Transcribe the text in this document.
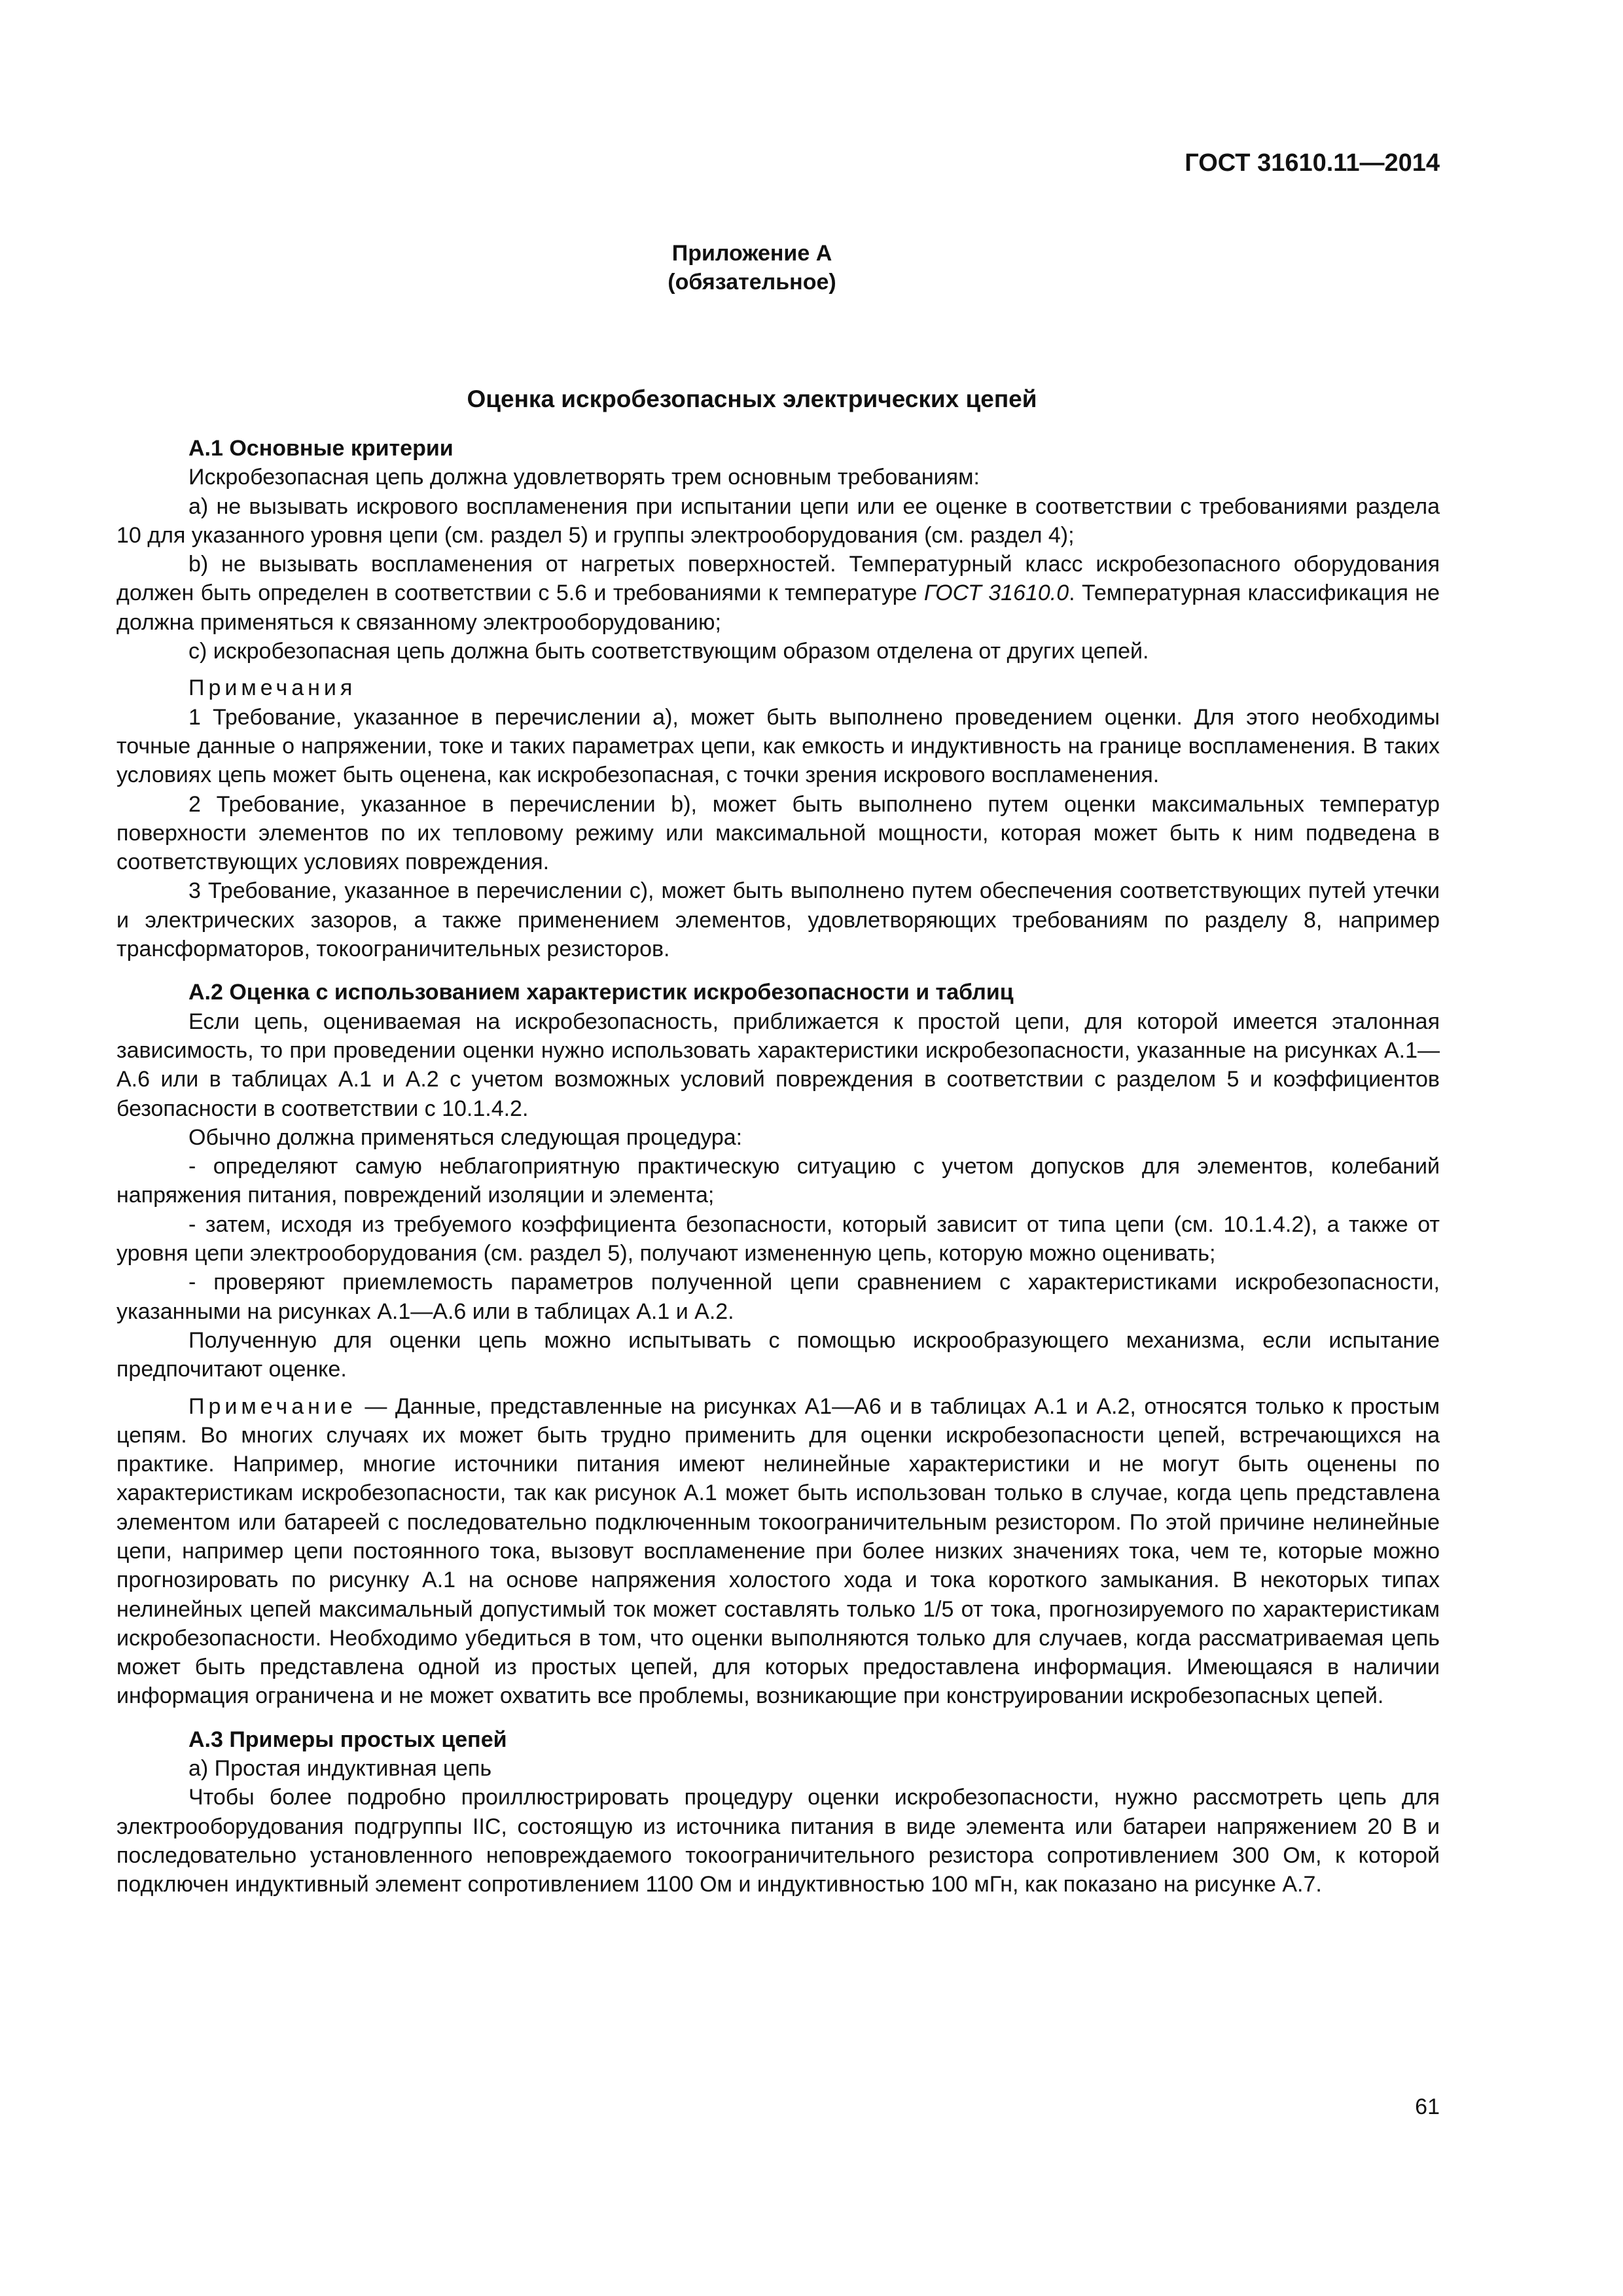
ГОСТ 31610.11—2014
Приложение А
(обязательное)
Оценка искробезопасных электрических цепей
А.1 Основные критерии

Искробезопасная цепь должна удовлетворять трем основным требованиям:

а) не вызывать искрового воспламенения при испытании цепи или ее оценке в соответствии с требованиями раздела 10 для указанного уровня цепи (см. раздел 5) и группы электрооборудования (см. раздел 4);

b) не вызывать воспламенения от нагретых поверхностей. Температурный класс искробезопасного оборудования должен быть определен в соответствии с 5.6 и требованиями к температуре ГОСТ 31610.0. Температурная классификация не должна применяться к связанному электрооборудованию;

с) искробезопасная цепь должна быть соответствующим образом отделена от других цепей.

Примечания

1 Требование, указанное в перечислении а), может быть выполнено проведением оценки. Для этого необходимы точные данные о напряжении, токе и таких параметрах цепи, как емкость и индуктивность на границе воспламенения. В таких условиях цепь может быть оценена, как искробезопасная, с точки зрения искрового воспламенения.

2 Требование, указанное в перечислении b), может быть выполнено путем оценки максимальных температур поверхности элементов по их тепловому режиму или максимальной мощности, которая может быть к ним подведена в соответствующих условиях повреждения.

3 Требование, указанное в перечислении с), может быть выполнено путем обеспечения соответствующих путей утечки и электрических зазоров, а также применением элементов, удовлетворяющих требованиям по разделу 8, например трансформаторов, токоограничительных резисторов.

А.2 Оценка с использованием характеристик искробезопасности и таблиц

Если цепь, оцениваемая на искробезопасность, приближается к простой цепи, для которой имеется эталонная зависимость, то при проведении оценки нужно использовать характеристики искробезопасности, указанные на рисунках А.1—А.6 или в таблицах А.1 и А.2 с учетом возможных условий повреждения в соответствии с разделом 5 и коэффициентов безопасности в соответствии с 10.1.4.2.

Обычно должна применяться следующая процедура:

- определяют самую неблагоприятную практическую ситуацию с учетом допусков для элементов, колебаний напряжения питания, повреждений изоляции и элемента;

- затем, исходя из требуемого коэффициента безопасности, который зависит от типа цепи (см. 10.1.4.2), а также от уровня цепи электрооборудования (см. раздел 5), получают измененную цепь, которую можно оценивать;

- проверяют приемлемость параметров полученной цепи сравнением с характеристиками искробезопасности, указанными на рисунках А.1—А.6 или в таблицах А.1 и А.2.

Полученную для оценки цепь можно испытывать с помощью искрообразующего механизма, если испытание предпочитают оценке.

Примечание — Данные, представленные на рисунках А1—А6 и в таблицах А.1 и А.2, относятся только к простым цепям. Во многих случаях их может быть трудно применить для оценки искробезопасности цепей, встречающихся на практике. Например, многие источники питания имеют нелинейные характеристики и не могут быть оценены по характеристикам искробезопасности, так как рисунок А.1 может быть использован только в случае, когда цепь представлена элементом или батареей с последовательно подключенным токоограничительным резистором. По этой причине нелинейные цепи, например цепи постоянного тока, вызовут воспламенение при более низких значениях тока, чем те, которые можно прогнозировать по рисунку А.1 на основе напряжения холостого хода и тока короткого замыкания. В некоторых типах нелинейных цепей максимальный допустимый ток может составлять только 1/5 от тока, прогнозируемого по характеристикам искробезопасности. Необходимо убедиться в том, что оценки выполняются только для случаев, когда рассматриваемая цепь может быть представлена одной из простых цепей, для которых предоставлена информация. Имеющаяся в наличии информация ограничена и не может охватить все проблемы, возникающие при конструировании искробезопасных цепей.

А.3 Примеры простых цепей

а) Простая индуктивная цепь

Чтобы более подробно проиллюстрировать процедуру оценки искробезопасности, нужно рассмотреть цепь для электрооборудования подгруппы IIC, состоящую из источника питания в виде элемента или батареи напряжением 20 В и последовательно установленного неповреждаемого токоограничительного резистора сопротивлением 300 Ом, к которой подключен индуктивный элемент сопротивлением 1100 Ом и индуктивностью 100 мГн, как показано на рисунке А.7.

61
